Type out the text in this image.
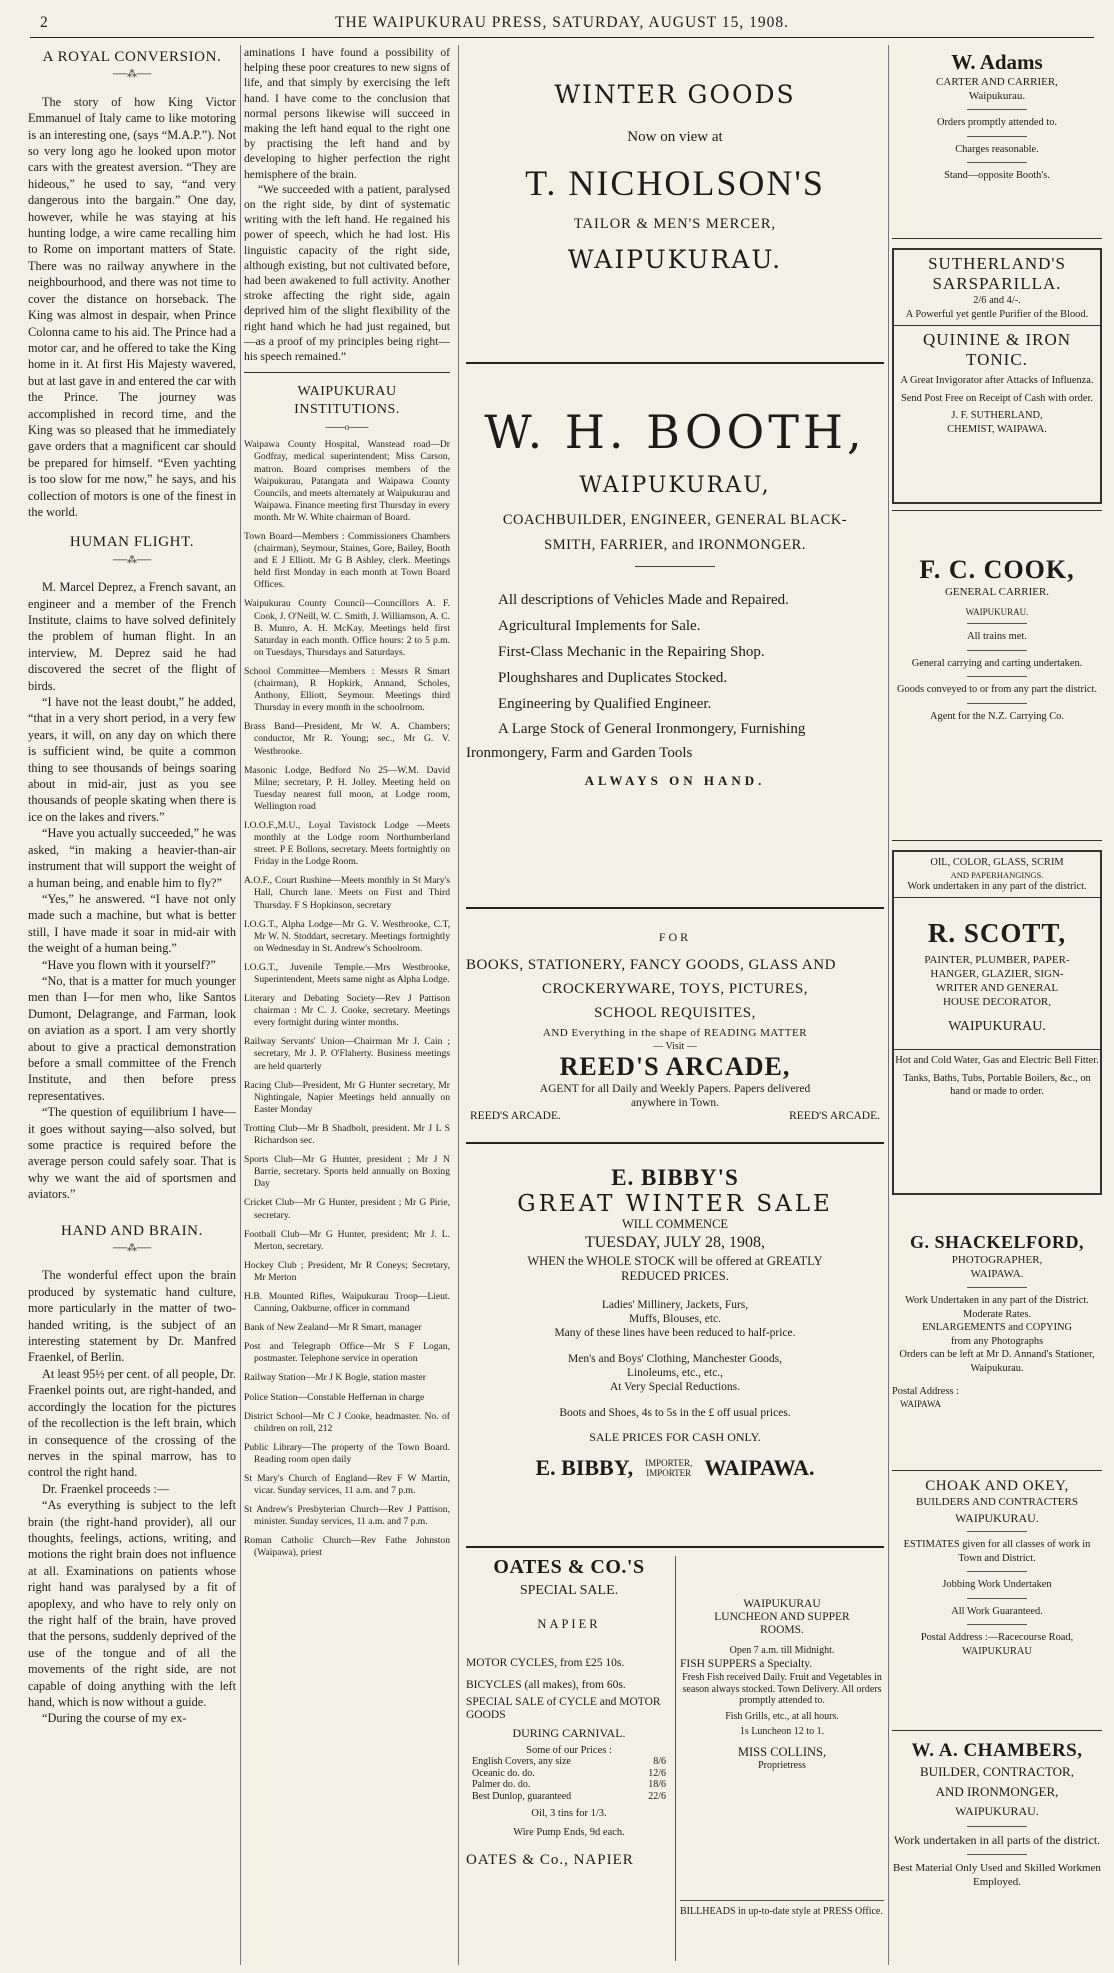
2	THE WAIPUKURAU PRESS, SATURDAY, AUGUST 15, 1908.
A ROYAL CONVERSION.
──⁂──
The story of how King Victor Emmanuel of Italy came to like motoring is an interesting one, (says “M.A.P.”). Not so very long ago he looked upon motor cars with the greatest aversion. “They are hideous,” he used to say, “and very dangerous into the bargain.” One day, however, while he was staying at his hunting lodge, a wire came recalling him to Rome on important matters of State. There was no railway anywhere in the neighbourhood, and there was not time to cover the distance on horseback. The King was almost in despair, when Prince Colonna came to his aid. The Prince had a motor car, and he offered to take the King home in it. At first His Majesty wavered, but at last gave in and entered the car with the Prince. The journey was accomplished in record time, and the King was so pleased that he immediately gave orders that a magnificent car should be prepared for himself. “Even yachting is too slow for me now,” he says, and his collection of motors is one of the finest in the world.
HUMAN FLIGHT.
──⁂──
M. Marcel Deprez, a French savant, an engineer and a member of the French Institute, claims to have solved definitely the problem of human flight. In an interview, M. Deprez said he had discovered the secret of the flight of birds.
“I have not the least doubt,” he added, “that in a very short period, in a very few years, it will, on any day on which there is sufficient wind, be quite a common thing to see thousands of beings soaring about in mid-air, just as you see thousands of people skating when there is ice on the lakes and rivers.”
“Have you actually succeeded,” he was asked, “in making a heavier-than-air instrument that will support the weight of a human being, and enable him to fly?”
“Yes,” he answered. “I have not only made such a machine, but what is better still, I have made it soar in mid-air with the weight of a human being.”
“Have you flown with it yourself?”
“No, that is a matter for much younger men than I—for men who, like Santos Dumont, Delagrange, and Farman, look on aviation as a sport. I am very shortly about to give a practical demonstration before a small committee of the French Institute, and then before press representatives.
“The question of equilibrium I have—it goes without saying—also solved, but some practice is required before the average person could safely soar. That is why we want the aid of sportsmen and aviators.”
HAND AND BRAIN.
──⁂──
The wonderful effect upon the brain produced by systematic hand culture, more particularly in the matter of two-handed writing, is the subject of an interesting statement by Dr. Manfred Fraenkel, of Berlin.
At least 95½ per cent. of all people, Dr. Fraenkel points out, are right-handed, and accordingly the location for the pictures of the recollection is the left brain, which in consequence of the crossing of the nerves in the spinal marrow, has to control the right hand.
Dr. Fraenkel proceeds :—
“As everything is subject to the left brain (the right-hand provider), all our thoughts, feelings, actions, writing, and motions the right brain does not influence at all. Examinations on patients whose right hand was paralysed by a fit of apoplexy, and who have to rely only on the right half of the brain, have proved that the persons, suddenly deprived of the use of the tongue and of all the movements of the right side, are not capable of doing anything with the left hand, which is now without a guide.
“During the course of my ex-
aminations I have found a possibility of helping these poor creatures to new signs of life, and that simply by exercising the left hand. I have come to the conclusion that normal persons likewise will succeed in making the left hand equal to the right one by practising the left hand and by developing to higher perfection the right hemisphere of the brain.
“We succeeded with a patient, paralysed on the right side, by dint of systematic writing with the left hand. He regained his power of speech, which he had lost. His linguistic capacity of the right side, although existing, but not cultivated before, had been awakened to full activity. Another stroke affecting the right side, again deprived him of the slight flexibility of the right hand which he had just regained, but—as a proof of my principles being right—his speech remained.”
WAIPUKURAU INSTITUTIONS.
───o───
Waipawa County Hospital, Wanstead road—Dr Godfray, medical superintendent; Miss Carson, matron. Board comprises members of the Waipukurau, Patangata and Waipawa County Councils, and meets alternately at Waipukurau and Waipawa. Finance meeting first Thursday in every month. Mr W. White chairman of Board.
Town Board—Members : Commissioners Chambers (chairman), Seymour, Staines, Gore, Bailey, Booth and E J Elliott. Mr G B Ashley, clerk. Meetings held first Monday in each month at Town Board Offices.
Waipukurau County Council—Councillors A. F. Cook, J. O'Neill, W. C. Smith, J. Williamson, A. C. B. Munro, A. H. McKay. Meetings held first Saturday in each month. Office hours: 2 to 5 p.m. on Tuesdays, Thursdays and Saturdays.
School Committee—Members : Messrs R Smart (chairman), R Hopkirk, Annand, Scholes, Anthony, Elliott, Seymour. Meetings third Thursday in every month in the schoolroom.
Brass Band—President, Mr W. A. Chambers; conductor, Mr R. Young; sec., Mr G. V. Westbrooke.
Masonic Lodge, Bedford No 25—W.M. David Milne; secretary, P. H. Jolley. Meeting held on Tuesday nearest full moon, at Lodge room, Wellington road
I.O.O.F.,M.U., Loyal Tavistock Lodge —Meets monthly at the Lodge room Northumberland street. P E Bollons, secretary. Meets fortnightly on Friday in the Lodge Room.
A.O.F., Court Rushine—Meets monthly in St Mary's Hall, Church lane. Meets on First and Third Thursday. F S Hopkinson, secretary
I.O.G.T., Alpha Lodge—Mr G. V. Westbrooke, C.T, Mr W. N. Stoddart, secretary. Meetings fortnightly on Wednesday in St. Andrew's Schoolroom.
I.O.G.T., Juvenile Temple.—Mrs Westbrooke, Superintendent, Meets same night as Alpha Lodge.
Literary and Debating Society—Rev J Pattison chairman : Mr C. J. Cooke, secretary. Meetings every fortnight during winter months.
Railway Servants' Union—Chairman Mr J. Cain ; secretary, Mr J. P. O'Flaherty. Business meetings are held quarterly
Racing Club—President, Mr G Hunter secretary, Mr Nightingale, Napier Meetings held annually on Easter Monday
Trotting Club—Mr B Shadbolt, president. Mr J L S Richardson sec.
Sports Club—Mr G Hunter, president ; Mr J N Barrie, secretary. Sports held annually on Boxing Day
Cricket Club—Mr G Hunter, president ; Mr G Pirie, secretary.
Football Club—Mr G Hunter, president; Mr J. L. Merton, secretary.
Hockey Club ; President, Mr R Coneys; Secretary, Mr Merton
H.B. Mounted Rifles, Waipukurau Troop—Lieut. Canning, Oakburne, officer in command
Bank of New Zealand—Mr R Smart, manager
Post and Telegraph Office—Mr S F Logan, postmaster. Telephone service in operation
Railway Station—Mr J K Bogle, station master
Police Station—Constable Heffernan in charge
District School—Mr C J Cooke, headmaster. No. of children on roll, 212
Public Library—The property of the Town Board. Reading room open daily
St Mary's Church of England—Rev F W Martin, vicar. Sunday services, 11 a.m. and 7 p.m.
St Andrew's Presbyterian Church—Rev J Pattison, minister. Sunday services, 11 a.m. and 7 p.m.
Roman Catholic Church—Rev Fathe Johnston (Waipawa), priest
WINTER GOODS
Now on view at
T. NICHOLSON'S
TAILOR & MEN'S MERCER,
WAIPUKURAU.
W. H. BOOTH,
WAIPUKURAU,
COACHBUILDER, ENGINEER, GENERAL BLACK-
SMITH, FARRIER, and IRONMONGER.
All descriptions of Vehicles Made and Repaired.
Agricultural Implements for Sale.
First-Class Mechanic in the Repairing Shop.
Ploughshares and Duplicates Stocked.
Engineering by Qualified Engineer.
A Large Stock of General Ironmongery, Furnishing
Ironmongery, Farm and Garden Tools
ALWAYS ON HAND.
FOR
BOOKS, STATIONERY, FANCY GOODS, GLASS AND
CROCKERYWARE, TOYS, PICTURES,
SCHOOL REQUISITES,
AND Everything in the shape of READING MATTER
— Visit —
REED'S ARCADE,
AGENT for all Daily and Weekly Papers. Papers delivered
anywhere in Town.
REED'S ARCADE.	REED'S ARCADE.
E. BIBBY'S
GREAT WINTER SALE
WILL COMMENCE
TUESDAY, JULY 28, 1908,
WHEN the WHOLE STOCK will be offered at GREATLY
REDUCED PRICES.
Ladies' Millinery, Jackets, Furs,
Muffs, Blouses, etc.
Many of these lines have been reduced to half-price.
Men's and Boys' Clothing, Manchester Goods,
Linoleums, etc., etc.,
At Very Special Reductions.
Boots and Shoes, 4s to 5s in the £ off usual prices.
SALE PRICES FOR CASH ONLY.
E. BIBBY, IMPORTER,
IMPORTER WAIPAWA.
OATES & CO.'S
SPECIAL SALE.
NAPIER
MOTOR CYCLES, from £25 10s.
BICYCLES (all makes), from 60s.
SPECIAL SALE of CYCLE and MOTOR GOODS
DURING CARNIVAL.
Some of our Prices :
English Covers, any size	8/6
Oceanic do. do.	12/6
Palmer do. do.	18/6
Best Dunlop, guaranteed	22/6
Oil, 3 tins for 1/3.
Wire Pump Ends, 9d each.
OATES & Co., NAPIER
WAIPUKURAU
LUNCHEON AND SUPPER
ROOMS.
Open 7 a.m. till Midnight.
FISH SUPPERS a Specialty.
Fresh Fish received Daily. Fruit and Vegetables in season always stocked. Town Delivery. All orders promptly attended to.
Fish Grills, etc., at all hours.
1s Luncheon 12 to 1.
MISS COLLINS,
Proprietress
BILLHEADS in up-to-date style at PRESS Office.
W. Adams
CARTER AND CARRIER,
Waipukurau.
Orders promptly attended to.
Charges reasonable.
Stand—opposite Booth's.
SUTHERLAND'S
SARSPARILLA.
2/6 and 4/-.
A Powerful yet gentle Purifier of the Blood.
QUININE & IRON
TONIC.
A Great Invigorator after Attacks of Influenza.
Send Post Free on Receipt of Cash with order.
J. F. SUTHERLAND,
CHEMIST, WAIPAWA.
F. C. COOK,
GENERAL CARRIER.
WAIPUKURAU.
All trains met.
General carrying and carting undertaken.
Goods conveyed to or from any part the district.
Agent for the N.Z. Carrying Co.
OIL, COLOR, GLASS, SCRIM
AND PAPERHANGINGS.
Work undertaken in any part of the district.
R. SCOTT,
PAINTER, PLUMBER, PAPER-
HANGER, GLAZIER, SIGN-
WRITER AND GENERAL
HOUSE DECORATOR,
WAIPUKURAU.
Hot and Cold Water, Gas and Electric Bell Fitter.
Tanks, Baths, Tubs, Portable Boilers, &c., on hand or made to order.
G. SHACKELFORD,
PHOTOGRAPHER,
WAIPAWA.
Work Undertaken in any part of the District.
Moderate Rates.
ENLARGEMENTS and COPYING
from any Photographs
Orders can be left at Mr D. Annand's Stationer, Waipukurau.
Postal Address :
WAIPAWA
CHOAK AND OKEY,
BUILDERS AND CONTRACTERS
WAIPUKURAU.
ESTIMATES given for all classes of work in Town and District.
Jobbing Work Undertaken
All Work Guaranteed.
Postal Address :—Racecourse Road, WAIPUKURAU
W. A. CHAMBERS,
BUILDER, CONTRACTOR,
AND IRONMONGER,
WAIPUKURAU.
Work undertaken in all parts of the district.
Best Material Only Used and Skilled Workmen Employed.
